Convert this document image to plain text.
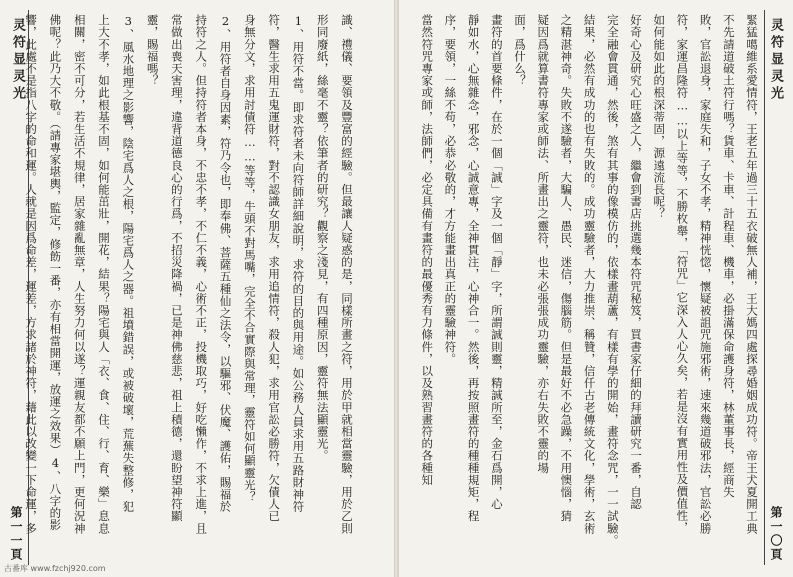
灵符显灵光
第一〇頁
緊猛噶維系愛情符，王老五年過三十五衣破無人補，王大媽四處探尋婚姻成功符。帝王犬夏開工典
不先請道破土符行嗎？貨車、卡車、計程車、機車，必掛滿保命護身符，林董事長，經商失
敗，官訟退身，家庭失和，子女不孝，精神恍惚，懷疑被詛咒施邪術，速來幾道破邪法，官訟必勝
符，家運昌隆符……以上等等，不勝枚舉，「符咒」它深入人心久矣，若是沒有實用性及價值性，
如何能如此的根深蒂固，源遠流長呢？
好奇心及研究心旺盛之人，繼會到書店挑選幾本符咒秘笈，買書家仔細的拜讀研究一番，自認
完全融會貫通，然後，煞有其事的像模仿的，依樣畫葫蘆，有樣有學的開始，畫符念咒，一一試驗。
結果，必然有成功的也有失敗的。成功靈驗者，大力推崇、稱贊，信仟古老傳統文化，學術，玄術
之精湛神奇。失敗不遂驗者，大騙人、愚民、迷信，傷腦筋。但是最好不必急躁，不用懊惱，猜
疑因爲就算書符專家或師法、所畫出之靈符，也未必張張成功靈驗，亦右失敗不靈的場
面，爲什么？
畫符的首要條件，在於一個「誠」字及一個「靜」字，所謂誠則靈，精誠所至，金石爲開，心
靜如水，心無雜念，邪念，心誠意專，全神貫注，心神合一。然後，再按照畫符的種種規矩，程
序，要領，一絲不苟，必恭必敬的，才方能畫出真正的靈驗神符。
當然符咒專家或師，法師們，必定具備有畫符的最優秀有力條件，以及熟習畫符的各種知
灵符显灵光
第一一頁	識、禮儀、要領及豐富的經驗。但最讓人疑惑的是，同樣所畫之符，用於甲就相當靈驗，用於乙則
形同廢紙，絲毫不靈？依筆者的研究？觀察之淺見，有四種原因，靈符無法顯靈光。
1、用符不當。即求符者未向符師詳細說明，求符的目的與用途。如公務人員求用五路財神符
符，醫生求用五鬼運財符，對不認識女朋友，求用追情符，殺人犯，求用官訟必勝符，欠債人已
身無分文，求用討債符……等等，牛頭不對馬嘴，完全不合實際與常理，靈符如何顯靈光？
2、用符者自身因素，符乃令也，即奉佛、菩薩五種仙之法令，以驅邪、伏魔、護佑，賜福於
持符之人。但持符者本身，不忠不孝，不仁不義，心術不正，投機取巧，好吃懶作，不求上進，且
常做出喪天害理，違背道德良心的行爲，不招災降禍，已是神佛慈悲，祖上積德，還盼望神符顯
靈，賜福嗎？
3、風水地理之影響，陰宅爲人之根，陽宅爲人之器。祖墳錯誤，或被破壞，荒蕪失整修，犯
上大不孝，如此根基不固，如何能茁壯，開花，結果？陽宅與人「衣、食、住、行、育、樂」息息
相關，密不可分，若生活不規律，居家雜亂無章，人生努力何以遂？運親友都不願上門，更何況神
佛呢？此乃大不敬。（請專家堪輿，監定，修飭一番，亦有相當開運，放運之效果）4、八字的影
響，此處不是指八字的命和運。人就是因爲命差，運差，方求諸於神符，藉此以改變一下命運，多
古番库 www.fzchj920.com
